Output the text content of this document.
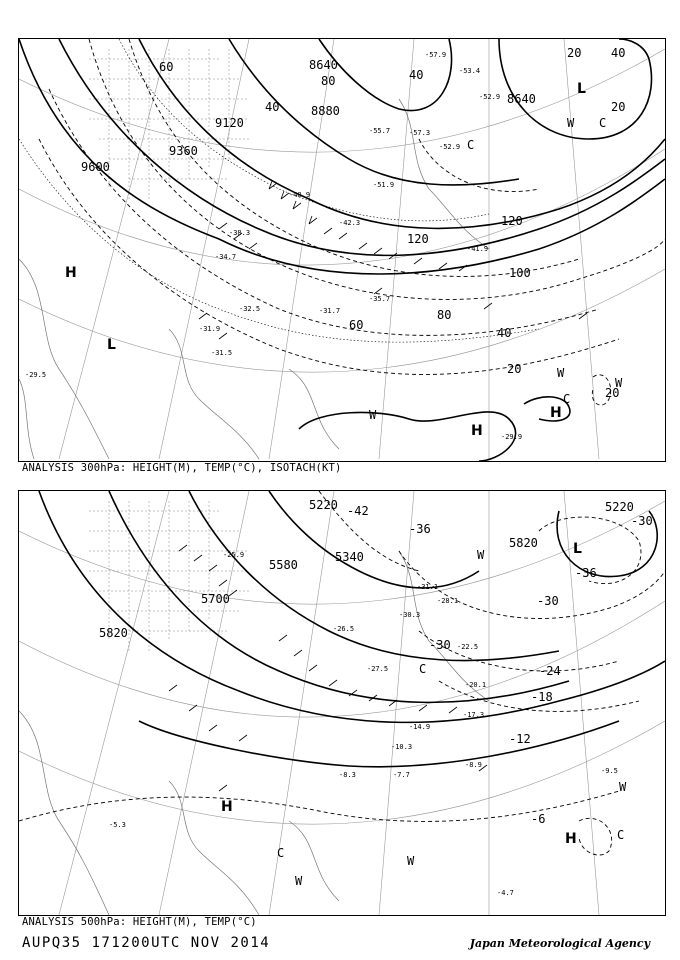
9600
9360
9120
8880
8640
8640
40
60
80
120
120
100
80
60
40
20
20
20 40
40
20
-57.9
-53.4
-52.9
-57.3
-55.7
-52.9
-51.9
-48.9
-42.3
-41.9
-38.3
-34.7
-35.7
-31.7
-32.5
-29.5
-29.9
-31.9
-31.5
H
H
H
L
L
C
C
C
W
W
W
W
ANALYSIS 300hPa: HEIGHT(M), TEMP(°C), ISOTACH(KT)
5220	5220
5340
5580
5700
5820
5820
-42
-36
-30
-30
-24
-18
-12
-6
-30
-36
-25.9
-31.1
-28.1
-30.3
-26.5
-27.5
-22.5
-20.1
-17.3
-14.9
-10.3
-8.9
-8.3	-7.7	-9.5
-4.7
-5.3
H
H
L
C
C
C
W
W
W
W
ANALYSIS 500hPa: HEIGHT(M), TEMP(°C)
AUPQ35 171200UTC NOV 2014	Japan Meteorological Agency
